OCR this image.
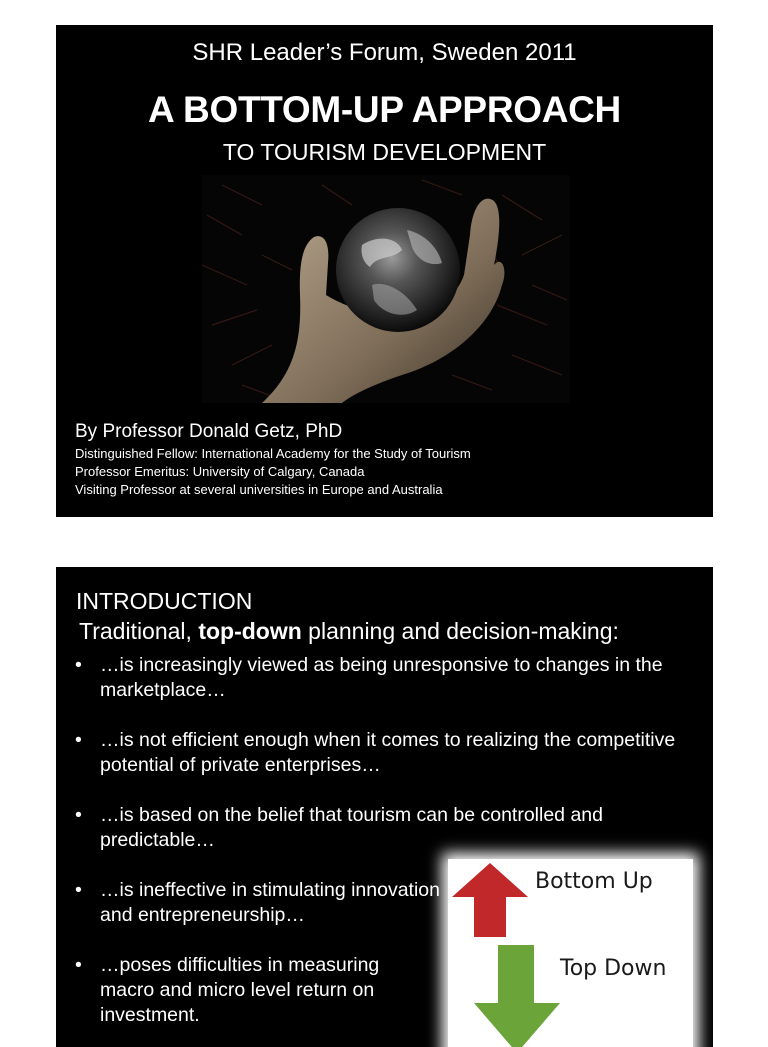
SHR Leader’s Forum, Sweden 2011
A BOTTOM-UP APPROACH
TO TOURISM DEVELOPMENT
By Professor Donald Getz, PhD
Distinguished Fellow: International Academy for the Study of Tourism
Professor Emeritus: University of Calgary, Canada
Visiting Professor at several universities in Europe and Australia
INTRODUCTION
Traditional, top-down planning and decision-making:
• …is increasingly viewed as being unresponsive to changes in the marketplace…
• …is not efficient enough when it comes to realizing the competitive potential of private enterprises…
• …is based on the belief that tourism can be controlled and predictable…
• …is ineffective in stimulating innovation and entrepreneurship…
• …poses difficulties in measuring macro and micro level return on investment.
Bottom Up
Top Down
